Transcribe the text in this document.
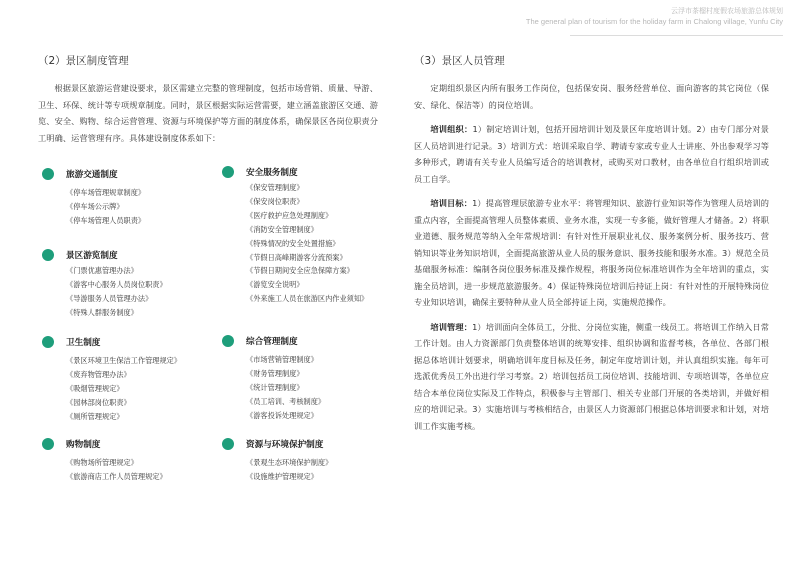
云浮市茶榴村度假农场旅游总体规划
The general plan of tourism for the holiday farm in Chalong village, Yunfu City
（2）景区制度管理

根据景区旅游运营建设要求，景区需建立完整的管理制度，包括市场营销、质量、导游、卫生、环保、统计等专项规章制度。同时，景区根据实际运营需要，建立涵盖旅游区交通、游览、安全、购物、综合运营管理、资源与环境保护等方面的制度体系，确保景区各岗位职责分工明确、运营管理有序。具体建设制度体系如下：

旅游交通制度
《停车场管理规章制度》
《停车场公示牌》
《停车场管理人员职责》
景区游览制度
《门票优惠管理办法》
《游客中心服务人员岗位职责》
《导游服务人员管理办法》
《特殊人群服务制度》
卫生制度
《景区环境卫生保洁工作管理规定》
《废弃物管理办法》
《吸烟管理规定》
《园林部岗位职责》
《厕所管理规定》
购物制度
《购物场所管理规定》
《旅游商店工作人员管理规定》
安全服务制度
《保安管理制度》
《保安岗位职责》
《医疗救护应急处理制度》
《消防安全管理制度》
《特殊情况的安全处置措施》
《节假日高峰期游客分流预案》
《节假日期间安全应急保障方案》
《游览安全说明》
《外来施工人员在旅游区内作业须知》
综合管理制度
《市场营销管理制度》
《财务管理制度》
《统计管理制度》
《员工培训、考核制度》
《游客投诉处理规定》
资源与环境保护制度
《景观生态环境保护制度》
《设施维护管理规定》
（3）景区人员管理

定期组织景区内所有服务工作岗位，包括保安岗、服务经营单位、面向游客的其它岗位（保安、绿化、保洁等）的岗位培训。

培训组织：1）制定培训计划，包括开园培训计划及景区年度培训计划。2）由专门部分对景区人员培训进行记录。3）培训方式：培训采取自学、聘请专家或专业人士讲座、外出参观学习等多种形式，聘请有关专业人员编写适合的培训教材，或购买对口教材，由各单位自行组织培训或员工自学。

培训目标：1）提高管理层旅游专业水平：将管理知识、旅游行业知识等作为管理人员培训的重点内容，全面提高管理人员整体素质、业务水准，实现一专多能，做好管理人才储备。2）将职业道德、服务规范等纳入全年常规培训：有针对性开展职业礼仪、服务案例分析、服务技巧、营销知识等业务知识培训，全面提高旅游从业人员的服务意识、服务技能和服务水准。3）规范全员基础服务标准：编制各岗位服务标准及操作规程，将服务岗位标准培训作为全年培训的重点，实施全员培训，进一步规范旅游服务。4）保证特殊岗位培训后持证上岗：有针对性的开展特殊岗位专业知识培训，确保主要特种从业人员全部持证上岗，实施规范操作。

培训管理：1）培训面向全体员工，分批、分岗位实施，侧重一线员工。将培训工作纳入日常工作计划。由人力资源部门负责整体培训的统筹安排、组织协调和监督考核，各单位、各部门根据总体培训计划要求，明确培训年度目标及任务，制定年度培训计划，并认真组织实施。每年可选派优秀员工外出进行学习考察。2）培训包括员工岗位培训、技能培训、专项培训等，各单位应结合本单位岗位实际及工作特点，积极参与主管部门、相关专业部门开展的各类培训，并做好相应的培训记录。3）实施培训与考核相结合，由景区人力资源部门根据总体培训要求和计划，对培训工作实施考核。
